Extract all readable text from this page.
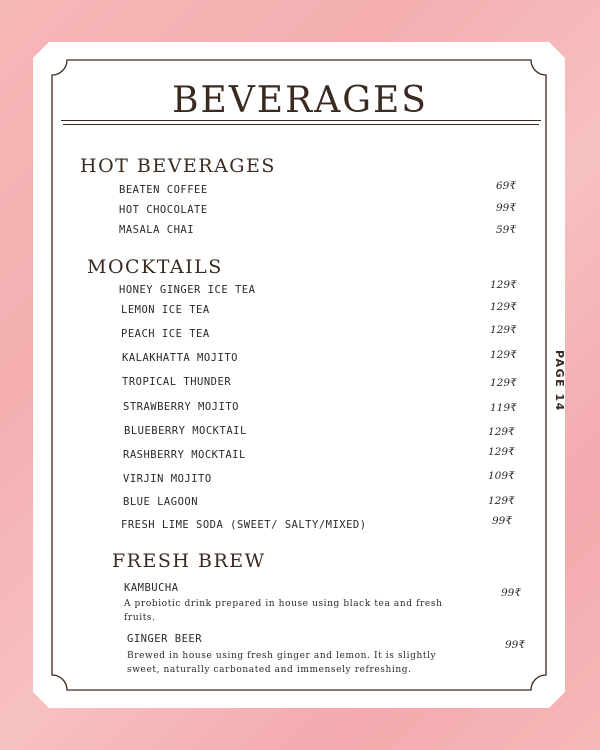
BEVERAGES
HOT BEVERAGES
BEATEN COFFEE	69₹
HOT CHOCOLATE	99₹
MASALA CHAI	59₹
MOCKTAILS
HONEY GINGER ICE TEA	129₹
LEMON ICE TEA	129₹
PEACH ICE TEA	129₹
KALAKHATTA MOJITO	129₹
TROPICAL THUNDER	129₹
STRAWBERRY MOJITO	119₹
BLUEBERRY MOCKTAIL	129₹
RASHBERRY MOCKTAIL	129₹
VIRJIN MOJITO	109₹
BLUE LAGOON	129₹
FRESH LIME SODA (SWEET/ SALTY/MIXED)	99₹
FRESH BREW
KAMBUCHA
A probiotic drink prepared in house using black tea and fresh
fruits.
99₹
GINGER BEER
Brewed in house using fresh ginger and lemon. It is slightly
sweet, naturally carbonated and immensely refreshing.
99₹
PAGE 14
